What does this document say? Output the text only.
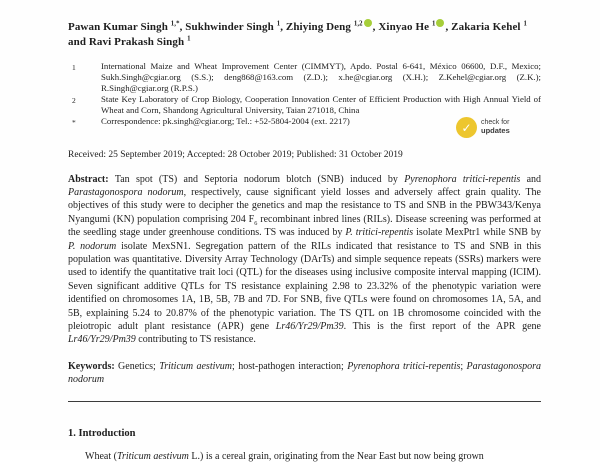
Pawan Kumar Singh $^{1,*}$, Sukhwinder Singh $^1$, Zhiying Deng $^{1,2}$ , Xinyao He $^1$ , Zakaria Kehel $^1$
and Ravi Prakash Singh $^1$

1	International Maize and Wheat Improvement Center (CIMMYT), Apdo. Postal 6-641, México 06600, D.F., Mexico; Sukh.Singh@cgiar.org (S.S.); deng868@163.com (Z.D.); x.he@cgiar.org (X.H.); Z.Kehel@cgiar.org (Z.K.); R.Singh@cgiar.org (R.P.S.)
2	State Key Laboratory of Crop Biology, Cooperation Innovation Center of Efficient Production with High Annual Yield of Wheat and Corn, Shandong Agricultural University, Taian 271018, China
*	Correspondence: pk.singh@cgiar.org; Tel.: +52-5804-2004 (ext. 2217)

Received: 25 September 2019; Accepted: 28 October 2019; Published: 31 October 2019

✓ check for
updates

Abstract: Tan spot (TS) and Septoria nodorum blotch (SNB) induced by Pyrenophora tritici-repentis and Parastagonospora nodorum, respectively, cause significant yield losses and adversely affect grain quality. The objectives of this study were to decipher the genetics and map the resistance to TS and SNB in the PBW343/Kenya Nyangumi (KN) population comprising 204 $F_6$ recombinant inbred lines (RILs). Disease screening was performed at the seedling stage under greenhouse conditions. TS was induced by P. tritici-repentis isolate MexPtr1 while SNB by P. nodorum isolate MexSN1. Segregation pattern of the RILs indicated that resistance to TS and SNB in this population was quantitative. Diversity Array Technology (DArTs) and simple sequence repeats (SSRs) markers were used to identify the quantitative trait loci (QTL) for the diseases using inclusive composite interval mapping (ICIM). Seven significant additive QTLs for TS resistance explaining 2.98 to 23.32% of the phenotypic variation were identified on chromosomes 1A, 1B, 5B, 7B and 7D. For SNB, five QTLs were found on chromosomes 1A, 5A, and 5B, explaining 5.24 to 20.87% of the phenotypic variation. The TS QTL on 1B chromosome coincided with the pleiotropic adult plant resistance (APR) gene Lr46/Yr29/Pm39. This is the first report of the APR gene Lr46/Yr29/Pm39 contributing to TS resistance.

Keywords: Genetics; Triticum aestivum; host-pathogen interaction; Pyrenophora tritici-repentis; Parastagonospora nodorum

1. Introduction

Wheat (Triticum aestivum L.) is a cereal grain, originating from the Near East but now being grown
